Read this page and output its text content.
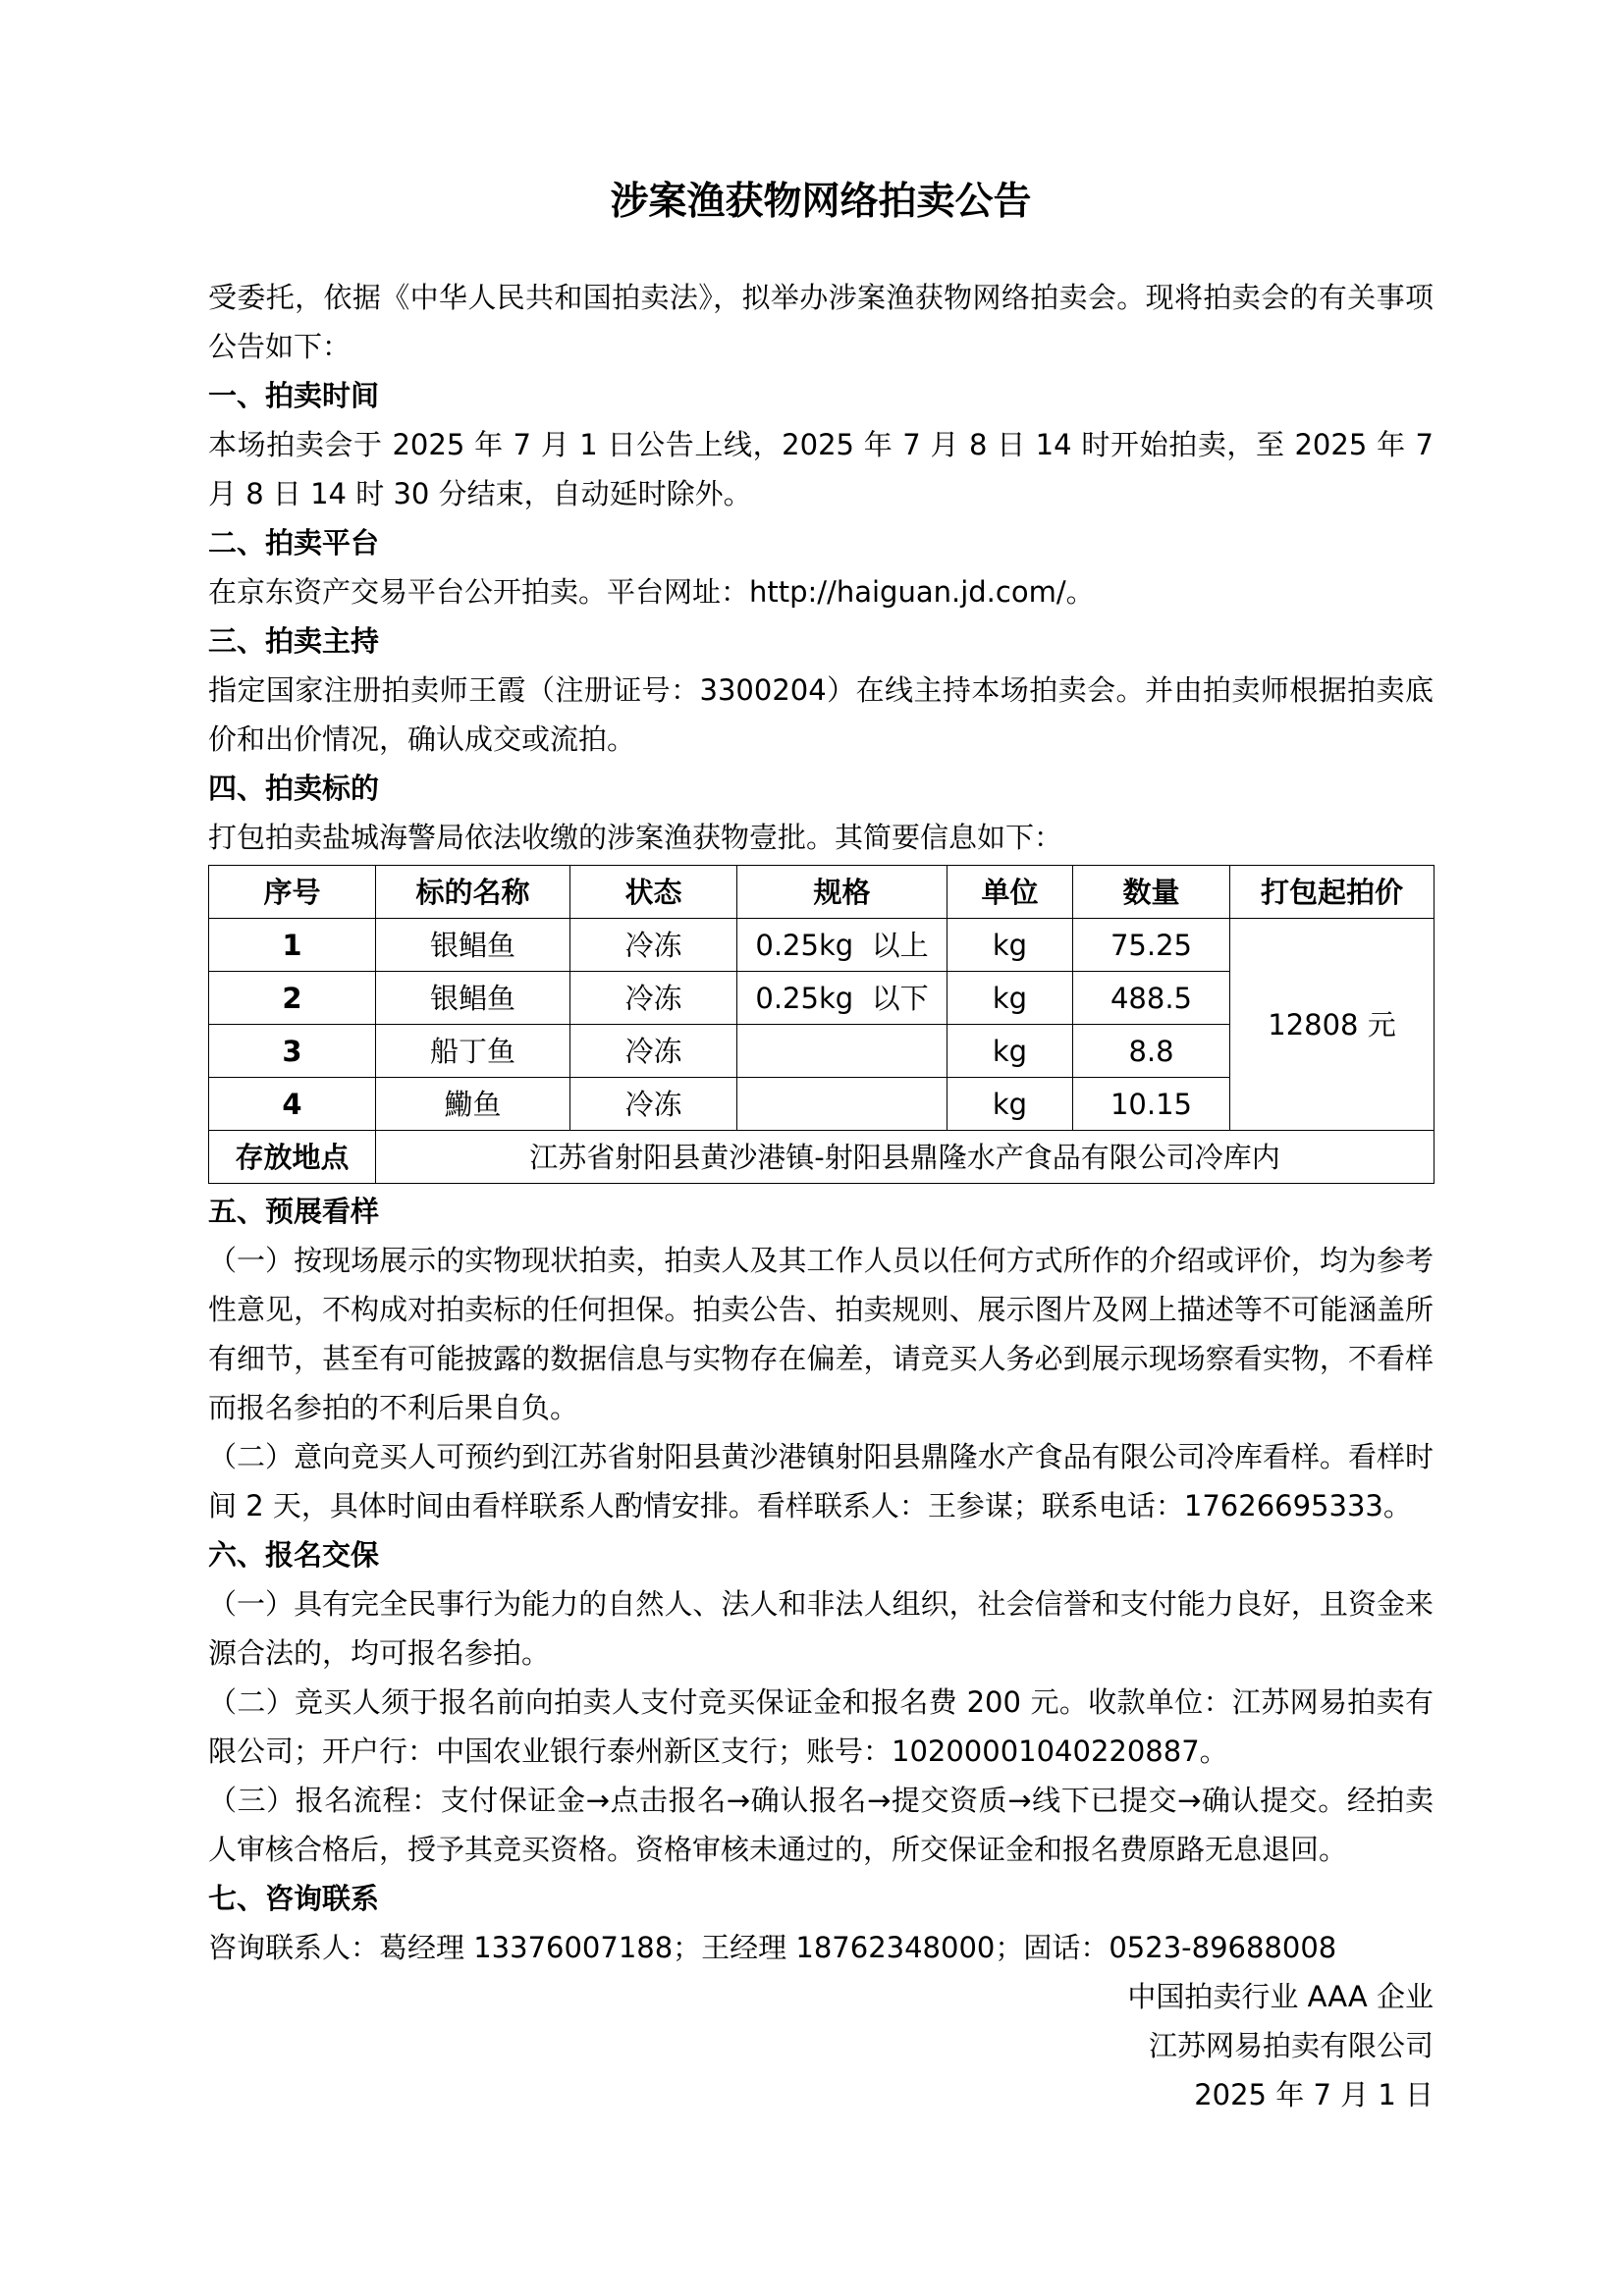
涉案渔获物网络拍卖公告

受委托，依据《中华人民共和国拍卖法》，拟举办涉案渔获物网络拍卖会。现将拍卖会的有关事项公告如下：

一、拍卖时间

本场拍卖会于 2025 年 7 月 1 日公告上线，2025 年 7 月 8 日 14 时开始拍卖，至 2025 年 7 月 8 日 14 时 30 分结束，自动延时除外。

二、拍卖平台

在京东资产交易平台公开拍卖。平台网址：http://haiguan.jd.com/。

三、拍卖主持

指定国家注册拍卖师王霞（注册证号：3300204）在线主持本场拍卖会。并由拍卖师根据拍卖底价和出价情况，确认成交或流拍。

四、拍卖标的

打包拍卖盐城海警局依法收缴的涉案渔获物壹批。其简要信息如下：

序号	标的名称	状态	规格	单位	数量	打包起拍价
1	银鲳鱼	冷冻	0.25kg  以上	kg	75.25	12808 元
2	银鲳鱼	冷冻	0.25kg  以下	kg	488.5	
3	船丁鱼	冷冻		kg	8.8	
4	鰳鱼	冷冻		kg	10.15	
存放地点	江苏省射阳县黄沙港镇-射阳县鼎隆水产食品有限公司冷库内					

五、预展看样

（一）按现场展示的实物现状拍卖，拍卖人及其工作人员以任何方式所作的介绍或评价，均为参考性意见，不构成对拍卖标的任何担保。拍卖公告、拍卖规则、展示图片及网上描述等不可能涵盖所有细节，甚至有可能披露的数据信息与实物存在偏差，请竞买人务必到展示现场察看实物，不看样而报名参拍的不利后果自负。

（二）意向竞买人可预约到江苏省射阳县黄沙港镇射阳县鼎隆水产食品有限公司冷库看样。看样时间 2 天，具体时间由看样联系人酌情安排。看样联系人：王参谋；联系电话：17626695333。

六、报名交保

（一）具有完全民事行为能力的自然人、法人和非法人组织，社会信誉和支付能力良好，且资金来源合法的，均可报名参拍。

（二）竞买人须于报名前向拍卖人支付竞买保证金和报名费 200 元。收款单位：江苏网易拍卖有限公司；开户行：中国农业银行泰州新区支行；账号：10200001040220887。

（三）报名流程：支付保证金→点击报名→确认报名→提交资质→线下已提交→确认提交。经拍卖人审核合格后，授予其竞买资格。资格审核未通过的，所交保证金和报名费原路无息退回。

七、咨询联系

咨询联系人：葛经理 13376007188；王经理 18762348000；固话：0523-89688008

中国拍卖行业 AAA 企业

江苏网易拍卖有限公司

2025 年 7 月 1 日
